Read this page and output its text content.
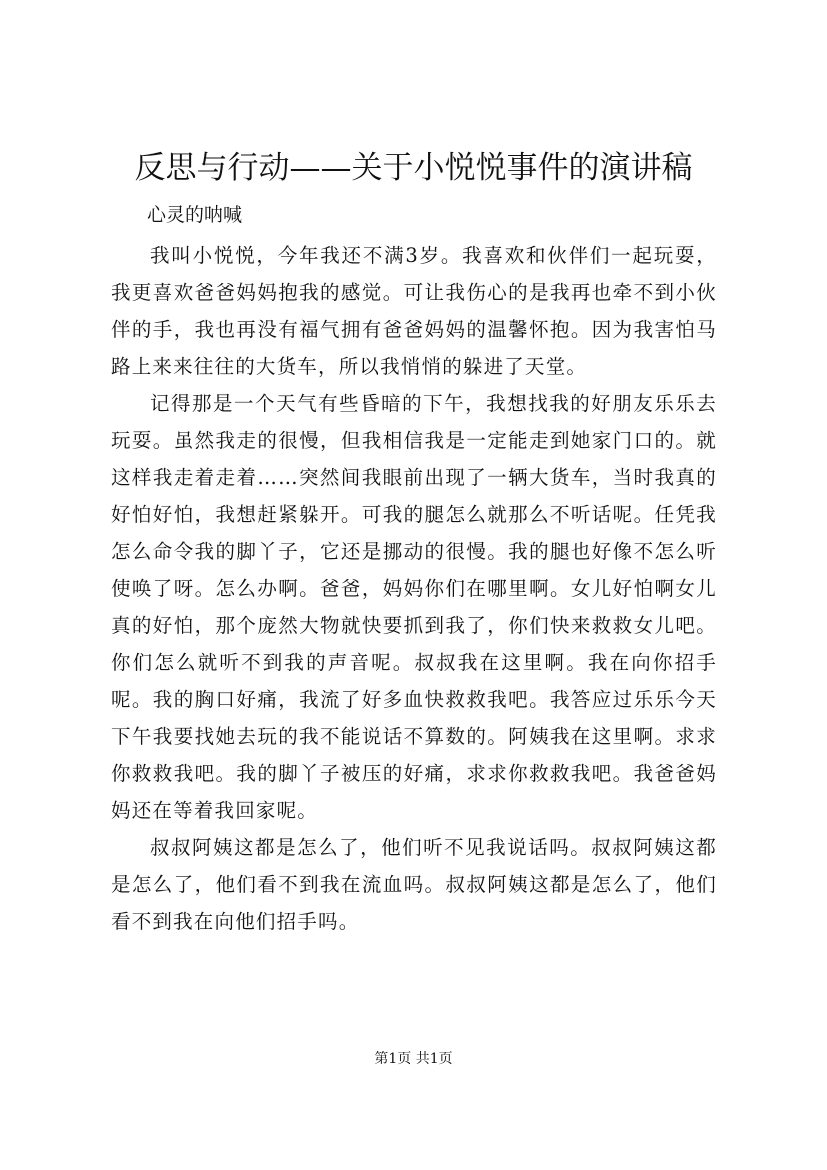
反思与行动——关于小悦悦事件的演讲稿
心灵的呐喊

我叫小悦悦，今年我还不满3岁。我喜欢和伙伴们一起玩耍，我更喜欢爸爸妈妈抱我的感觉。可让我伤心的是我再也牵不到小伙伴的手，我也再没有福气拥有爸爸妈妈的温馨怀抱。因为我害怕马路上来来往往的大货车，所以我悄悄的躲进了天堂。

记得那是一个天气有些昏暗的下午，我想找我的好朋友乐乐去玩耍。虽然我走的很慢，但我相信我是一定能走到她家门口的。就这样我走着走着……突然间我眼前出现了一辆大货车，当时我真的好怕好怕，我想赶紧躲开。可我的腿怎么就那么不听话呢。任凭我怎么命令我的脚丫子，它还是挪动的很慢。我的腿也好像不怎么听使唤了呀。怎么办啊。爸爸，妈妈你们在哪里啊。女儿好怕啊女儿真的好怕，那个庞然大物就快要抓到我了，你们快来救救女儿吧。你们怎么就听不到我的声音呢。叔叔我在这里啊。我在向你招手呢。我的胸口好痛，我流了好多血快救救我吧。我答应过乐乐今天下午我要找她去玩的我不能说话不算数的。阿姨我在这里啊。求求你救救我吧。我的脚丫子被压的好痛，求求你救救我吧。我爸爸妈妈还在等着我回家呢。

叔叔阿姨这都是怎么了，他们听不见我说话吗。叔叔阿姨这都是怎么了，他们看不到我在流血吗。叔叔阿姨这都是怎么了，他们看不到我在向他们招手吗。

第1页 共1页
